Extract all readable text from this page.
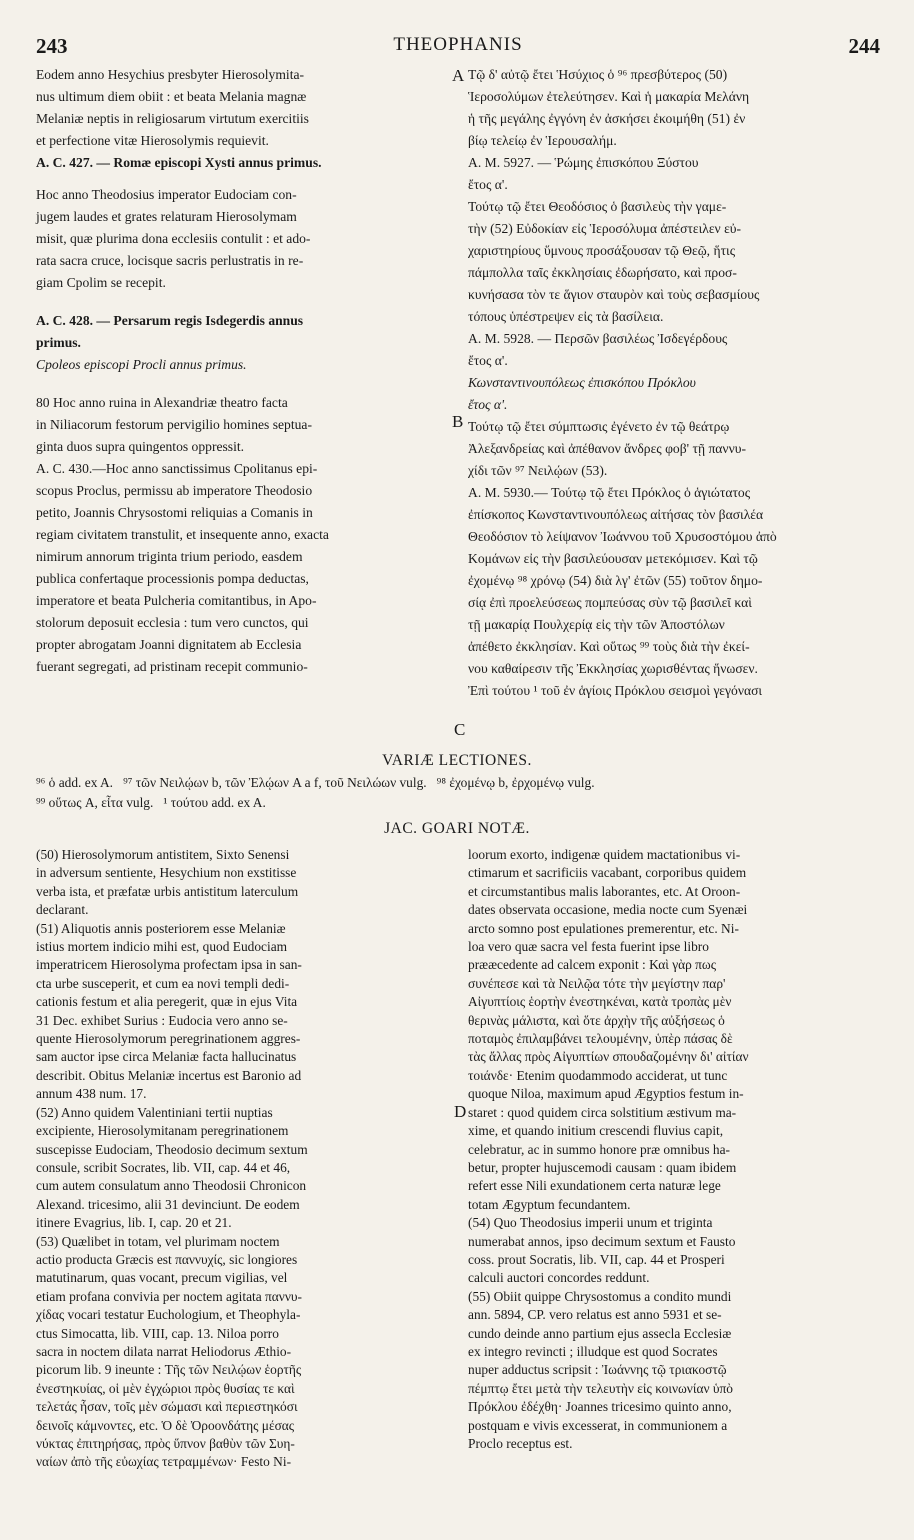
243	THEOPHANIS	244
A
B
C
D

Eodem anno Hesychius presbyter Hierosolymita-
nus ultimum diem obiit : et beata Melania magnæ
Melaniæ neptis in religiosarum virtutum exercitiis
et perfectione vitæ Hierosolymis requievit.

A. C. 427. — Romæ episcopi Xysti annus primus.

Hoc anno Theodosius imperator Eudociam con-
jugem laudes et grates relaturam Hierosolymam
misit, quæ plurima dona ecclesiis contulit : et ado-
rata sacra cruce, locisque sacris perlustratis in re-
giam Cpolim se recepit.

A. C. 428. — Persarum regis Isdegerdis annus
primus.

Cpoleos episcopi Procli annus primus.

80 Hoc anno ruina in Alexandriæ theatro facta
in Niliacorum festorum pervigilio homines septua-
ginta duos supra quingentos oppressit.

A. C. 430.—Hoc anno sanctissimus Cpolitanus epi-
scopus Proclus, permissu ab imperatore Theodosio
petito, Joannis Chrysostomi reliquias a Comanis in
regiam civitatem transtulit, et insequente anno, exacta
nimirum annorum triginta trium periodo, easdem
publica confertaque processionis pompa deductas,
imperatore et beata Pulcheria comitantibus, in Apo-
stolorum deposuit ecclesia : tum vero cunctos, qui
propter abrogatam Joanni dignitatem ab Ecclesia
fuerant segregati, ad pristinam recepit communio-

Τῷ δ' αὐτῷ ἔτει Ἡσύχιος ὁ ⁹⁶ πρεσβύτερος (50)
Ἱεροσολύμων ἐτελεύτησεν. Καὶ ἡ μακαρία Μελάνη
ἡ τῆς μεγάλης ἐγγόνη ἐν ἀσκήσει ἐκοιμήθη (51) ἐν
βίῳ τελείῳ ἐν Ἱερουσαλήμ.

A. M. 5927. — Ῥώμης ἐπισκόπου Ξύστου
ἔτος α'.

Τούτῳ τῷ ἔτει Θεοδόσιος ὁ βασιλεὺς τὴν γαμε-
τὴν (52) Εὐδοκίαν εἰς Ἱεροσόλυμα ἀπέστειλεν εὐ-
χαριστηρίους ὕμνους προσάξουσαν τῷ Θεῷ, ἥτις
πάμπολλα ταῖς ἐκκλησίαις ἐδωρήσατο, καὶ προσ-
κυνήσασα τὸν τε ἅγιον σταυρὸν καὶ τοὺς σεβασμίους
τόπους ὑπέστρεψεν εἰς τὰ βασίλεια.

A. M. 5928. — Περσῶν βασιλέως Ἰσδεγέρδους
ἔτος α'.

Κωνσταντινουπόλεως ἐπισκόπου Πρόκλου
ἔτος α'.

Τούτῳ τῷ ἔτει σύμπτωσις ἐγένετο ἐν τῷ θεάτρῳ
Ἀλεξανδρείας καὶ ἀπέθανον ἄνδρες φοβ' τῇ παννυ-
χίδι τῶν ⁹⁷ Νειλῴων (53).

A. M. 5930.— Τούτῳ τῷ ἔτει Πρόκλος ὁ ἁγιώτατος
ἐπίσκοπος Κωνσταντινουπόλεως αἰτήσας τὸν βασιλέα
Θεοδόσιον τὸ λείψανον Ἰωάννου τοῦ Χρυσοστόμου ἀπὸ
Κομάνων εἰς τὴν βασιλεύουσαν μετεκόμισεν. Καὶ τῷ
ἐχομένῳ ⁹⁸ χρόνῳ (54) διὰ λγ' ἐτῶν (55) τοῦτον δημο-
σίᾳ ἐπὶ προελεύσεως πομπεύσας σὺν τῷ βασιλεῖ καὶ
τῇ μακαρίᾳ Πουλχερίᾳ εἰς τὴν τῶν Ἀποστόλων
ἀπέθετο ἐκκλησίαν. Καὶ οὕτως ⁹⁹ τοὺς διὰ τὴν ἐκεί-
νου καθαίρεσιν τῆς Ἐκκλησίας χωρισθέντας ἥνωσεν.
Ἐπὶ τούτου ¹ τοῦ ἐν ἁγίοις Πρόκλου σεισμοὶ γεγόνασι

VARIÆ LECTIONES.
⁹⁶ ὁ add. ex A.   ⁹⁷ τῶν Νειλῴων b, τῶν Ἐλῴων A a f, τοῦ Νειλώων vulg.   ⁹⁸ ἐχομένῳ b, ἐρχομένῳ vulg.
⁹⁹ οὕτως A, εἶτα vulg.   ¹ τούτου add. ex A.
JAC. GOARI NOTÆ.

(50) Hierosolymorum antistitem, Sixto Senensi
in adversum sentiente, Hesychium non exstitisse
verba ista, et præfatæ urbis antistitum laterculum
declarant.

(51) Aliquotis annis posteriorem esse Melaniæ
istius mortem indicio mihi est, quod Eudociam
imperatricem Hierosolyma profectam ipsa in san-
cta urbe susceperit, et cum ea novi templi dedi-
cationis festum et alia peregerit, quæ in ejus Vita
31 Dec. exhibet Surius : Eudocia vero anno se-
quente Hierosolymorum peregrinationem aggres-
sam auctor ipse circa Melaniæ facta hallucinatus
describit. Obitus Melaniæ incertus est Baronio ad
annum 438 num. 17.

(52) Anno quidem Valentiniani tertii nuptias
excipiente, Hierosolymitanam peregrinationem
suscepisse Eudociam, Theodosio decimum sextum
consule, scribit Socrates, lib. VII, cap. 44 et 46,
cum autem consulatum anno Theodosii Chronicon
Alexand. tricesimo, alii 31 devinciunt. De eodem
itinere Evagrius, lib. I, cap. 20 et 21.

(53) Quælibet in totam, vel plurimam noctem
actio producta Græcis est παννυχίς, sic longiores
matutinarum, quas vocant, precum vigilias, vel
etiam profana convivia per noctem agitata παννυ-
χίδας vocari testatur Euchologium, et Theophyla-
ctus Simocatta, lib. VIII, cap. 13. Niloa porro
sacra in noctem dilata narrat Heliodorus Æthio-
picorum lib. 9 ineunte : Τῆς τῶν Νειλῴων ἑορτῆς
ἐνεστηκυίας, οἱ μὲν ἐγχώριοι πρὸς θυσίας τε καὶ
τελετάς ἦσαν, τοῖς μὲν σώμασι καὶ περιεστηκόσι
δεινοῖς κάμνοντες, etc. Ὁ δὲ Ὀροονδάτης μέσας
νύκτας ἐπιτηρήσας, πρὸς ὕπνον βαθὺν τῶν Συη-
ναίων ἀπὸ τῆς εὐωχίας τετραμμένων· Festo Ni-

loorum exorto, indigenæ quidem mactationibus vi-
ctimarum et sacrificiis vacabant, corporibus quidem
et circumstantibus malis laborantes, etc. At Oroon-
dates observata occasione, media nocte cum Syenæi
arcto somno post epulationes premerentur, etc. Ni-
loa vero quæ sacra vel festa fuerint ipse libro
prææcedente ad calcem exponit : Καὶ γὰρ πως
συνέπεσε καὶ τὰ Νειλῷα τότε τὴν μεγίστην παρ'
Αἰγυπτίοις ἑορτὴν ἐνεστηκέναι, κατὰ τροπὰς μὲν
θερινὰς μάλιστα, καὶ ὅτε ἀρχὴν τῆς αὐξήσεως ὁ
ποταμὸς ἐπιλαμβάνει τελουμένην, ὑπὲρ πάσας δὲ
τὰς ἄλλας πρὸς Αἰγυπτίων σπουδαζομένην δι' αἰτίαν
τοιάνδε· Etenim quodammodo acciderat, ut tunc
quoque Niloa, maximum apud Ægyptios festum in-
staret : quod quidem circa solstitium æstivum ma-
xime, et quando initium crescendi fluvius capit,
celebratur, ac in summo honore præ omnibus ha-
betur, propter hujuscemodi causam : quam ibidem
refert esse Nili exundationem certa naturæ lege
totam Ægyptum fecundantem.

(54) Quo Theodosius imperii unum et triginta
numerabat annos, ipso decimum sextum et Fausto
coss. prout Socratis, lib. VII, cap. 44 et Prosperi
calculi auctori concordes reddunt.

(55) Obiit quippe Chrysostomus a condito mundi
ann. 5894, CP. vero relatus est anno 5931 et se-
cundo deinde anno partium ejus assecla Ecclesiæ
ex integro revincti ; illudque est quod Socrates
nuper adductus scripsit : Ἰωάννης τῷ τριακοστῷ
πέμπτῳ ἔτει μετὰ τὴν τελευτὴν εἰς κοινωνίαν ὑπὸ
Πρόκλου ἐδέχθη· Joannes tricesimo quinto anno,
postquam e vivis excesserat, in communionem a
Proclo receptus est.
